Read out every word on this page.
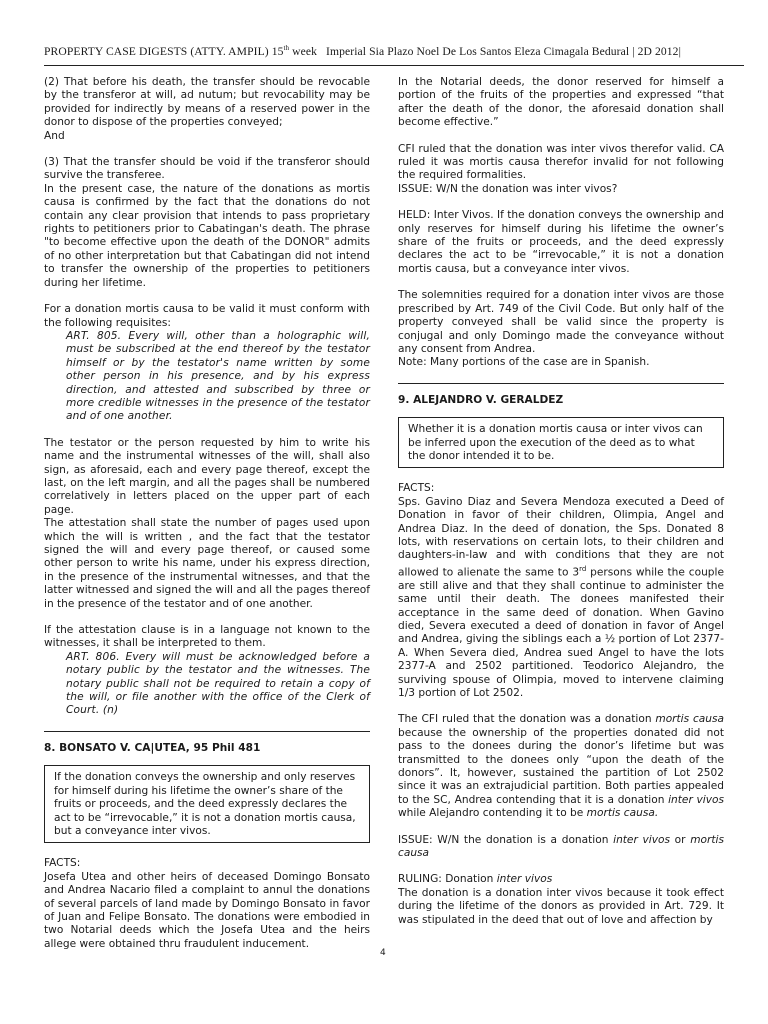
PROPERTY CASE DIGESTS (ATTY. AMPIL) 15th week Imperial Sia Plazo Noel De Los Santos Eleza Cimagala Bedural | 2D 2012|

(2) That before his death, the transfer should be revocable by the transferor at will, ad nutum; but revocability may be provided for indirectly by means of a reserved power in the donor to dispose of the properties conveyed;

And

(3) That the transfer should be void if the transferor should survive the transferee.

In the present case, the nature of the donations as mortis causa is confirmed by the fact that the donations do not contain any clear provision that intends to pass proprietary rights to petitioners prior to Cabatingan's death. The phrase "to become effective upon the death of the DONOR" admits of no other interpretation but that Cabatingan did not intend to transfer the ownership of the properties to petitioners during her lifetime.

For a donation mortis causa to be valid it must conform with the following requisites:

ART. 805. Every will, other than a holographic will, must be subscribed at the end thereof by the testator himself or by the testator's name written by some other person in his presence, and by his express direction, and attested and subscribed by three or more credible witnesses in the presence of the testator and of one another.

The testator or the person requested by him to write his name and the instrumental witnesses of the will, shall also sign, as aforesaid, each and every page thereof, except the last, on the left margin, and all the pages shall be numbered correlatively in letters placed on the upper part of each page.

The attestation shall state the number of pages used upon which the will is written , and the fact that the testator signed the will and every page thereof, or caused some other person to write his name, under his express direction, in the presence of the instrumental witnesses, and that the latter witnessed and signed the will and all the pages thereof in the presence of the testator and of one another.

If the attestation clause is in a language not known to the witnesses, it shall be interpreted to them.

ART. 806. Every will must be acknowledged before a notary public by the testator and the witnesses. The notary public shall not be required to retain a copy of the will, or file another with the office of the Clerk of Court. (n)
8. BONSATO V. CA|UTEA, 95 Phil 481
If the donation conveys the ownership and only reserves for himself during his lifetime the owner’s share of the fruits or proceeds, and the deed expressly declares the act to be “irrevocable,” it is not a donation mortis causa, but a conveyance inter vivos.

FACTS:

Josefa Utea and other heirs of deceased Domingo Bonsato and Andrea Nacario filed a complaint to annul the donations of several parcels of land made by Domingo Bonsato in favor of Juan and Felipe Bonsato. The donations were embodied in two Notarial deeds which the Josefa Utea and the heirs allege were obtained thru fraudulent inducement.

In the Notarial deeds, the donor reserved for himself a portion of the fruits of the properties and expressed “that after the death of the donor, the aforesaid donation shall become effective.”

CFI ruled that the donation was inter vivos therefor valid. CA ruled it was mortis causa therefor invalid for not following the required formalities.

ISSUE: W/N the donation was inter vivos?

HELD: Inter Vivos. If the donation conveys the ownership and only reserves for himself during his lifetime the owner’s share of the fruits or proceeds, and the deed expressly declares the act to be “irrevocable,” it is not a donation mortis causa, but a conveyance inter vivos.

The solemnities required for a donation inter vivos are those prescribed by Art. 749 of the Civil Code. But only half of the property conveyed shall be valid since the property is conjugal and only Domingo made the conveyance without any consent from Andrea.

Note: Many portions of the case are in Spanish.

9. ALEJANDRO V. GERALDEZ
Whether it is a donation mortis causa or inter vivos can be inferred upon the execution of the deed as to what the donor intended it to be.

FACTS:

Sps. Gavino Diaz and Severa Mendoza executed a Deed of Donation in favor of their children, Olimpia, Angel and Andrea Diaz. In the deed of donation, the Sps. Donated 8 lots, with reservations on certain lots, to their children and daughters-in-law and with conditions that they are not allowed to alienate the same to 3rd persons while the couple are still alive and that they shall continue to administer the same until their death. The donees manifested their acceptance in the same deed of donation. When Gavino died, Severa executed a deed of donation in favor of Angel and Andrea, giving the siblings each a ½ portion of Lot 2377-A. When Severa died, Andrea sued Angel to have the lots 2377-A and 2502 partitioned. Teodorico Alejandro, the surviving spouse of Olimpia, moved to intervene claiming 1/3 portion of Lot 2502.

The CFI ruled that the donation was a donation mortis causa because the ownership of the properties donated did not pass to the donees during the donor’s lifetime but was transmitted to the donees only “upon the death of the donors”. It, however, sustained the partition of Lot 2502 since it was an extrajudicial partition. Both parties appealed to the SC, Andrea contending that it is a donation inter vivos while Alejandro contending it to be mortis causa.

ISSUE: W/N the donation is a donation inter vivos or mortis causa

RULING: Donation inter vivos

The donation is a donation inter vivos because it took effect during the lifetime of the donors as provided in Art. 729. It was stipulated in the deed that out of love and affection by

4
